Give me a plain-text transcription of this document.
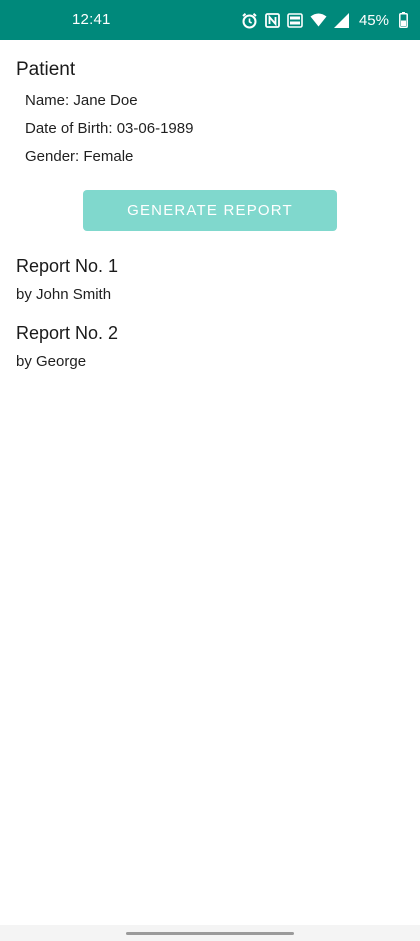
12:41	45%
Patient
Name: Jane Doe
Date of Birth: 03-06-1989
Gender: Female
GENERATE REPORT
Report No. 1
by John Smith
Report No. 2
by George
